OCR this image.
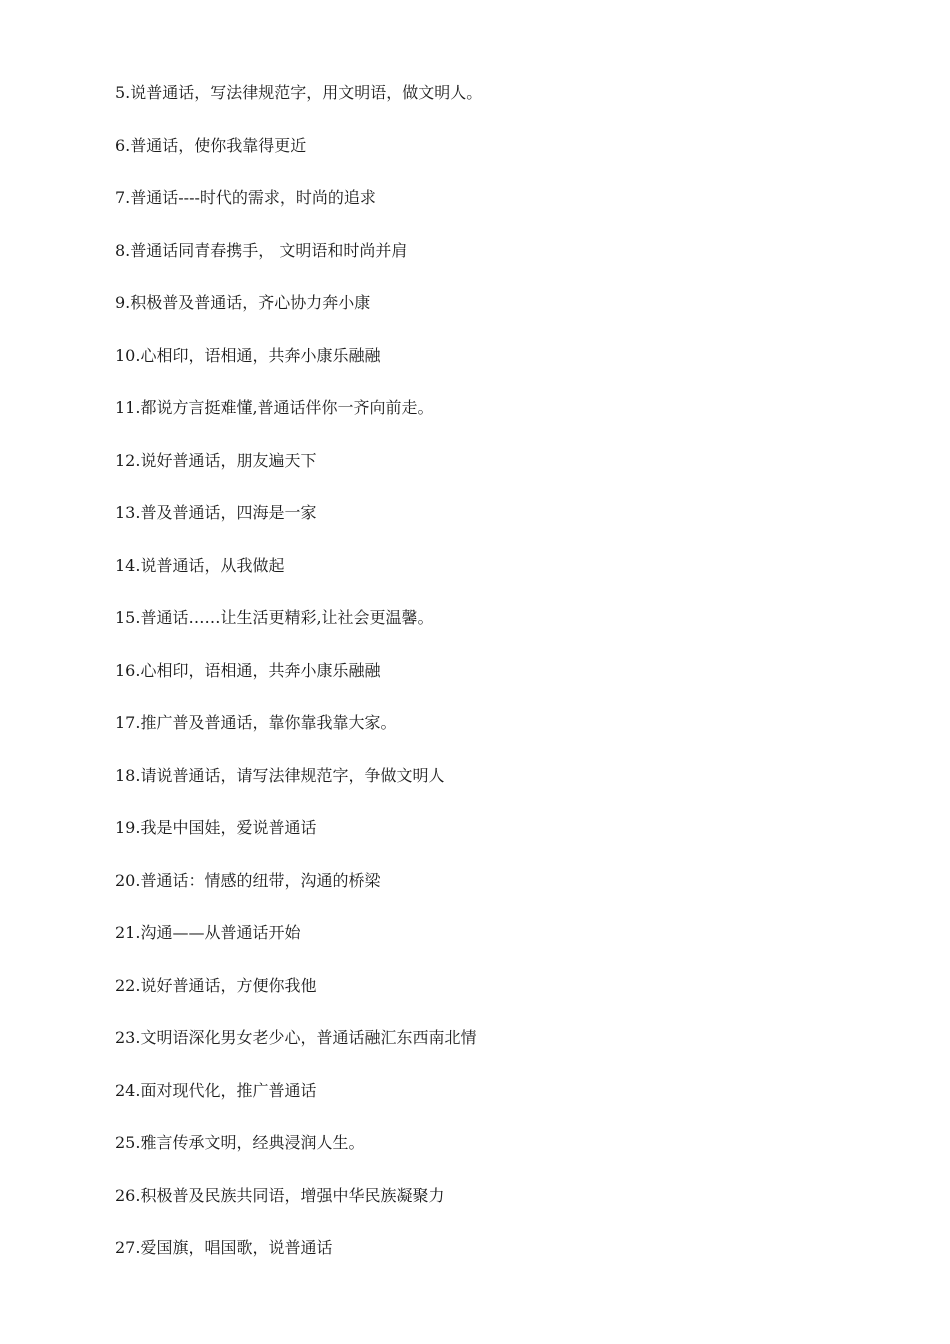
5.说普通话，写法律规范字，用文明语，做文明人。
6.普通话，使你我靠得更近
7.普通话----时代的需求，时尚的追求
8.普通话同青春携手， 文明语和时尚并肩
9.积极普及普通话，齐心协力奔小康
10.心相印，语相通，共奔小康乐融融
11.都说方言挺难懂,普通话伴你一齐向前走。
12.说好普通话，朋友遍天下
13.普及普通话，四海是一家
14.说普通话，从我做起
15.普通话……让生活更精彩,让社会更温馨。
16.心相印，语相通，共奔小康乐融融
17.推广普及普通话，靠你靠我靠大家。
18.请说普通话，请写法律规范字，争做文明人
19.我是中国娃，爱说普通话
20.普通话：情感的纽带，沟通的桥梁
21.沟通——从普通话开始
22.说好普通话，方便你我他
23.文明语深化男女老少心，普通话融汇东西南北情
24.面对现代化，推广普通话
25.雅言传承文明，经典浸润人生。
26.积极普及民族共同语，增强中华民族凝聚力
27.爱国旗，唱国歌，说普通话
